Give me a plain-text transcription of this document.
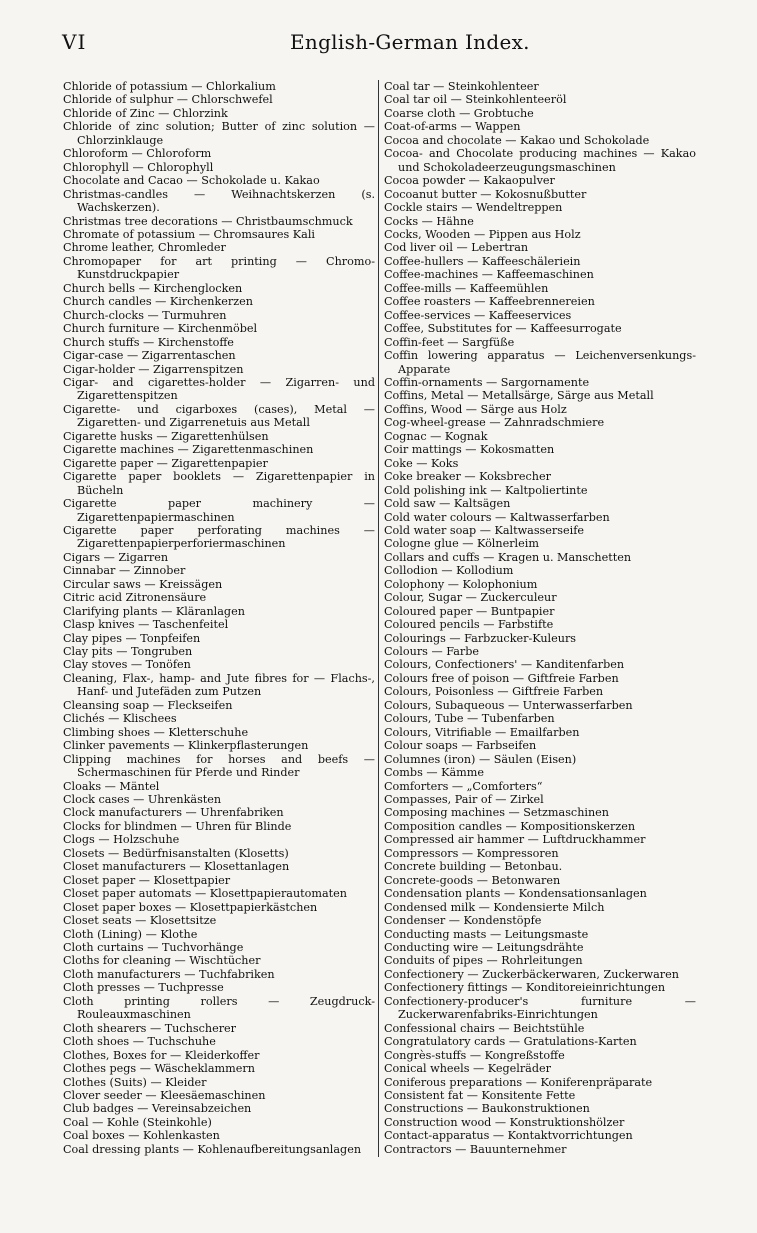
VI	English-German Index.
Chloride of potassium — Chlorkalium
Chloride of sulphur — Chlorschwefel
Chloride of Zinc — Chlorzink
Chloride of zinc solution; Butter of zinc solution — Chlorzinklauge
Chloroform — Chloroform
Chlorophyll — Chlorophyll
Chocolate and Cacao — Schokolade u. Kakao
Christmas-candles — Weihnachtskerzen (s. Wachskerzen).
Christmas tree decorations — Christbaumschmuck
Chromate of potassium — Chromsaures Kali
Chrome leather, Chromleder
Chromopaper for art printing — Chromo-Kunstdruckpapier
Church bells — Kirchenglocken
Church candles — Kirchenkerzen
Church-clocks — Turmuhren
Church furniture — Kirchenmöbel
Church stuffs — Kirchenstoffe
Cigar-case — Zigarrentaschen
Cigar-holder — Zigarrenspitzen
Cigar- and cigarettes-holder — Zigarren- und Zigarettenspitzen
Cigarette- und cigarboxes (cases), Metal — Zigaretten- und Zigarrenetuis aus Metall
Cigarette husks — Zigarettenhülsen
Cigarette machines — Zigarettenmaschinen
Cigarette paper — Zigarettenpapier
Cigarette paper booklets — Zigarettenpapier in Bücheln
Cigarette paper machinery — Zigarettenpapiermaschinen
Cigarette paper perforating machines — Zigarettenpapierperforiermaschinen
Cigars — Zigarren
Cinnabar — Zinnober
Circular saws — Kreissägen
Citric acid Zitronensäure
Clarifying plants — Kläranlagen
Clasp knives — Taschenfeitel
Clay pipes — Tonpfeifen
Clay pits — Tongruben
Clay stoves — Tonöfen
Cleaning, Flax-, hamp- and Jute fibres for — Flachs-, Hanf- und Jutefäden zum Putzen
Cleansing soap — Fleckseifen
Clichés — Klischees
Climbing shoes — Kletterschuhe
Clinker pavements — Klinkerpflasterungen
Clipping machines for horses and beefs — Schermaschinen für Pferde und Rinder
Cloaks — Mäntel
Clock cases — Uhrenkästen
Clock manufacturers — Uhrenfabriken
Clocks for blindmen — Uhren für Blinde
Clogs — Holzschuhe
Closets — Bedürfnisanstalten (Klosetts)
Closet manufacturers — Klosettanlagen
Closet paper — Klosettpapier
Closet paper automats — Klosettpapierautomaten
Closet paper boxes — Klosettpapierkästchen
Closet seats — Klosettsitze
Cloth (Lining) — Klothe
Cloth curtains — Tuchvorhänge
Cloths for cleaning — Wischtücher
Cloth manufacturers — Tuchfabriken
Cloth presses — Tuchpresse
Cloth printing rollers — Zeugdruck-Rouleauxmaschinen
Cloth shearers — Tuchscherer
Cloth shoes — Tuchschuhe
Clothes, Boxes for — Kleiderkoffer
Clothes pegs — Wäscheklammern
Clothes (Suits) — Kleider
Clover seeder — Kleesäemaschinen
Club badges — Vereinsabzeichen
Coal — Kohle (Steinkohle)
Coal boxes — Kohlenkasten
Coal dressing plants — Kohlenaufbereitungsanlagen
Coal tar — Steinkohlenteer
Coal tar oil — Steinkohlenteeröl
Coarse cloth — Grobtuche
Coat-of-arms — Wappen
Cocoa and chocolate — Kakao und Schokolade
Cocoa- and Chocolate producing machines — Kakao und Schokoladeerzeugungsmaschinen
Cocoa powder — Kakaopulver
Cocoanut butter — Kokosnußbutter
Cockle stairs — Wendeltreppen
Cocks — Hähne
Cocks, Wooden — Pippen aus Holz
Cod liver oil — Lebertran
Coffee-hullers — Kaffeeschäleriein
Coffee-machines — Kaffeemaschinen
Coffee-mills — Kaffeemühlen
Coffee roasters — Kaffeebrennereien
Coffee-services — Kaffeeservices
Coffee, Substitutes for — Kaffeesurrogate
Coffin-feet — Sargfüße
Coffin lowering apparatus — Leichenversenkungs-Apparate
Coffin-ornaments — Sargornamente
Coffins, Metal — Metallsärge, Särge aus Metall
Coffins, Wood — Särge aus Holz
Cog-wheel-grease — Zahnradschmiere
Cognac — Kognak
Coir mattings — Kokosmatten
Coke — Koks
Coke breaker — Koksbrecher
Cold polishing ink — Kaltpoliertinte
Cold saw — Kaltsägen
Cold water colours — Kaltwasserfarben
Cold water soap — Kaltwasserseife
Cologne glue — Kölnerleim
Collars and cuffs — Kragen u. Manschetten
Collodion — Kollodium
Colophony — Kolophonium
Colour, Sugar — Zuckerculeur
Coloured paper — Buntpapier
Coloured pencils — Farbstifte
Colourings — Farbzucker-Kuleurs
Colours — Farbe
Colours, Confectioners' — Kanditenfarben
Colours free of poison — Giftfreie Farben
Colours, Poisonless — Giftfreie Farben
Colours, Subaqueous — Unterwasserfarben
Colours, Tube — Tubenfarben
Colours, Vitrifiable — Emailfarben
Colour soaps — Farbseifen
Columnes (iron) — Säulen (Eisen)
Combs — Kämme
Comforters — „Comforters“
Compasses, Pair of — Zirkel
Composing machines — Setzmaschinen
Composition candles — Kompositionskerzen
Compressed air hammer — Luftdruckhammer
Compressors — Kompressoren
Concrete building — Betonbau.
Concrete-goods — Betonwaren
Condensation plants — Kondensationsanlagen
Condensed milk — Kondensierte Milch
Condenser — Kondenstöpfe
Conducting masts — Leitungsmaste
Conducting wire — Leitungsdrähte
Conduits of pipes — Rohrleitungen
Confectionery — Zuckerbäckerwaren, Zuckerwaren
Confectionery fittings — Konditoreieinrichtungen
Confectionery-producer's furniture — Zuckerwarenfabriks-Einrichtungen
Confessional chairs — Beichtstühle
Congratulatory cards — Gratulations-Karten
Congrès-stuffs — Kongreßstoffe
Conical wheels — Kegelräder
Coniferous preparations — Koniferenpräparate
Consistent fat — Konsitente Fette
Constructions — Baukonstruktionen
Construction wood — Konstruktionshölzer
Contact-apparatus — Kontaktvorrichtungen
Contractors — Bauunternehmer
